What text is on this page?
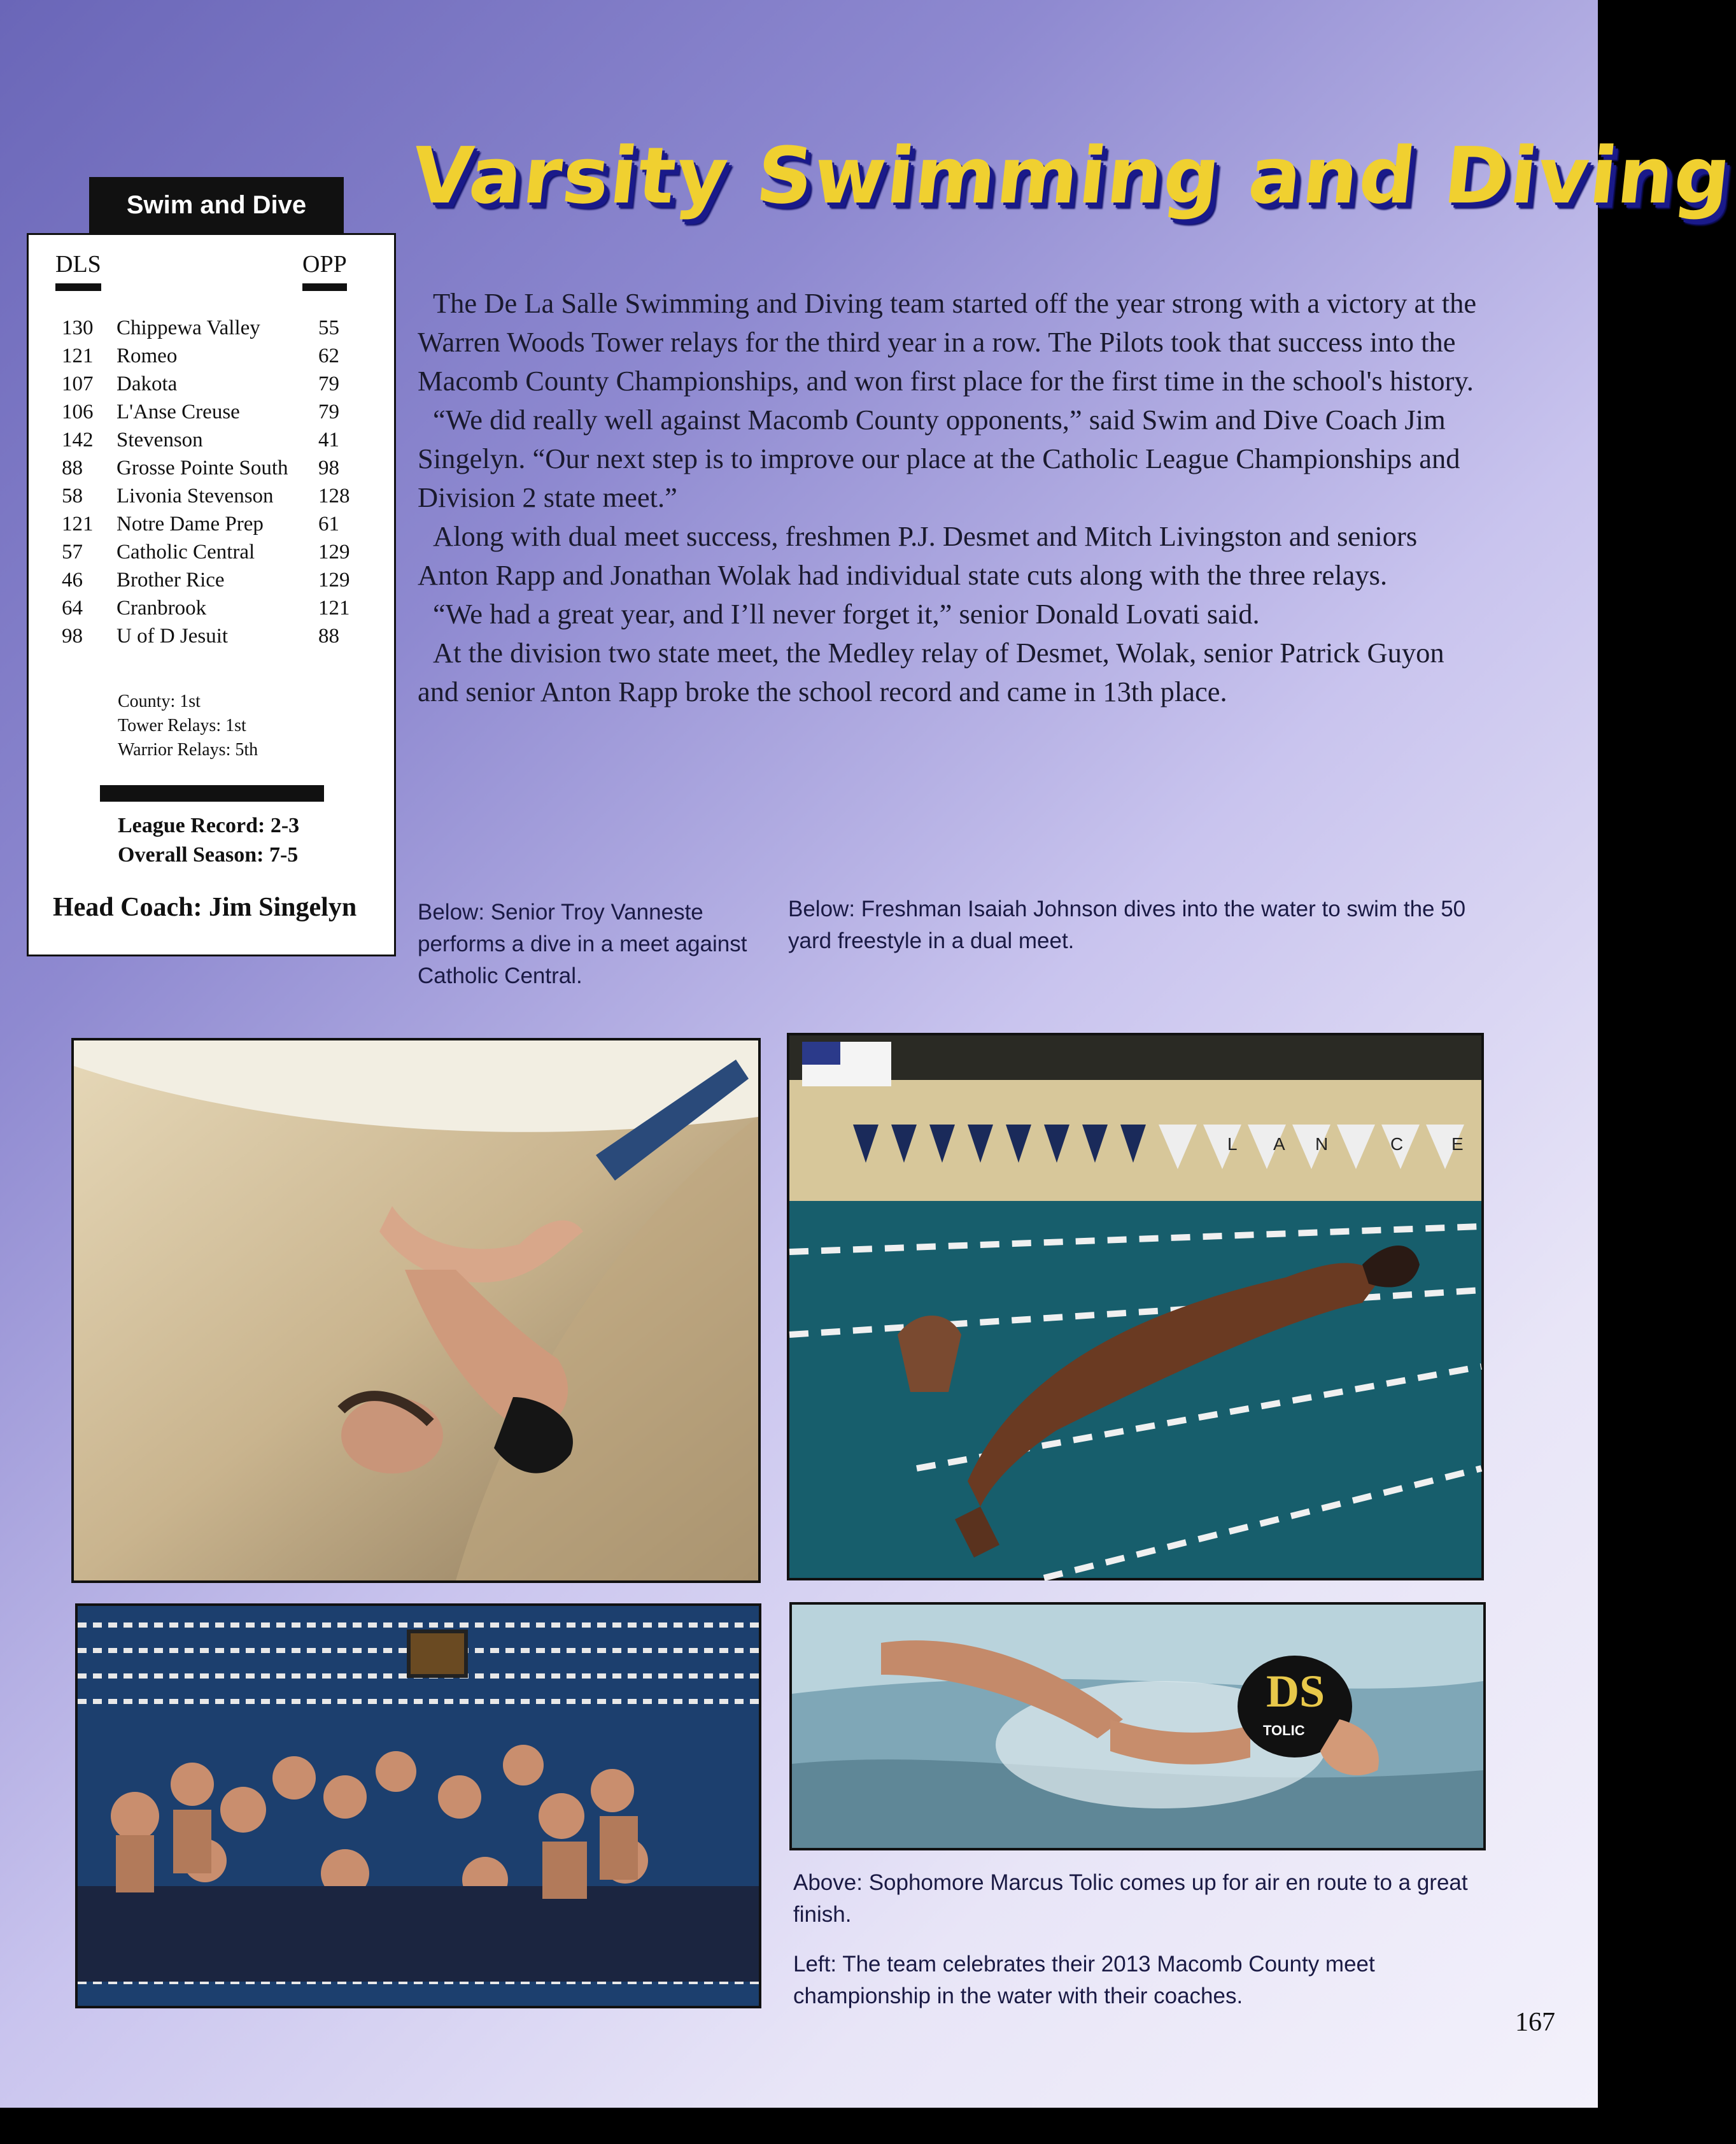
Varsity Swimming and Diving
Swim and Dive
DLS	OPP
130 Chippewa Valley	55
121 Romeo	62
107 Dakota	79
106 L'Anse Creuse	79
142 Stevenson	41
88 Grosse Pointe South 98
58 Livonia Stevenson 128
121 Notre Dame Prep	61
57 Catholic Central	129
46 Brother Rice	129
64 Cranbrook	121
98 U of D Jesuit	88
County: 1st
Tower Relays: 1st
Warrior Relays: 5th
League Record: 2-3
Overall Season: 7-5
Head Coach: Jim Singelyn

The De La Salle Swimming and Diving team started off the year strong with a victory at the Warren Woods Tower relays for the third year in a row. The Pilots took that success into the Macomb County Championships, and won first place for the first time in the school's history.

“We did really well against Macomb County opponents,” said Swim and Dive Coach Jim Singelyn. “Our next step is to improve our place at the Catholic League Championships and Division 2 state meet.”

Along with dual meet success, freshmen P.J. Desmet and Mitch Livingston and seniors Anton Rapp and Jonathan Wolak had individual state cuts along with the three relays.

“We had a great year, and I’ll never forget it,” senior Donald Lovati said.

At the division two state meet, the Medley relay of Desmet, Wolak, senior Patrick Guyon and senior Anton Rapp broke the school record and came in 13th place.

Below: Senior Troy Vanneste performs a dive in a meet against Catholic Central.
Below: Freshman Isaiah Johnson dives into the water to swim the 50 yard freestyle in a dual meet.
L A N	C	E
DS
TOLIC
Above: Sophomore Marcus Tolic comes up for air en route to a great finish.
Left: The team celebrates their 2013 Macomb County meet championship in the water with their coaches.
167
